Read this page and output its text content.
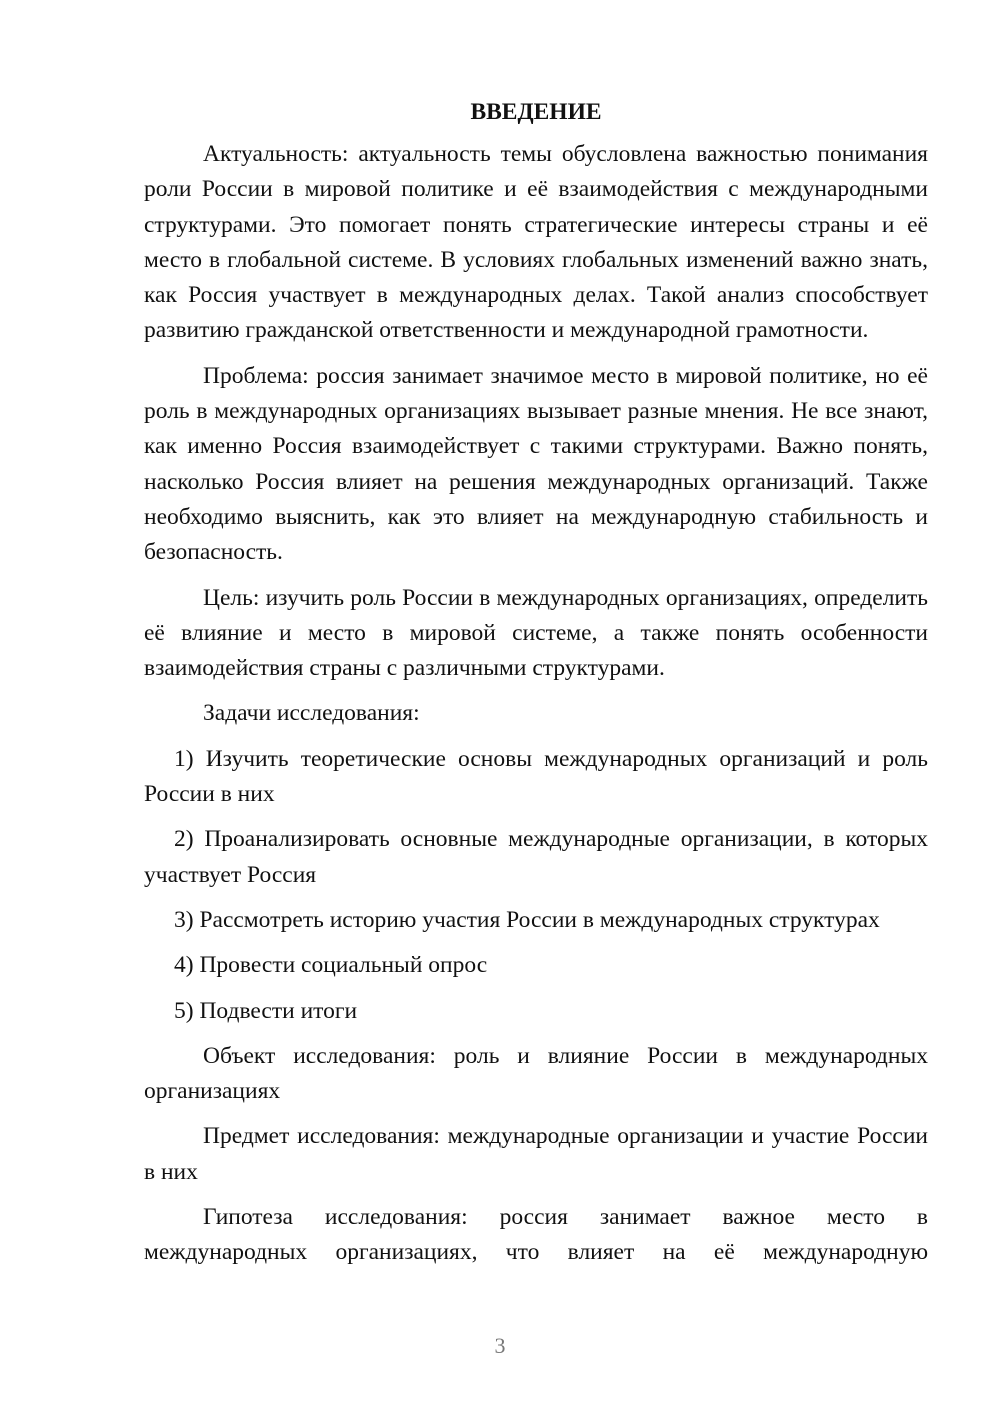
ВВЕДЕНИЕ

Актуальность: актуальность темы обусловлена важностью понимания роли России в мировой политике и её взаимодействия с международными структурами. Это помогает понять стратегические интересы страны и её место в глобальной системе. В условиях глобальных изменений важно знать, как Россия участвует в международных делах. Такой анализ способствует развитию гражданской ответственности и международной грамотности.

Проблема: россия занимает значимое место в мировой политике, но её роль в международных организациях вызывает разные мнения. Не все знают, как именно Россия взаимодействует с такими структурами. Важно понять, насколько Россия влияет на решения международных организаций. Также необходимо выяснить, как это влияет на международную стабильность и безопасность.

Цель: изучить роль России в международных организациях, определить её влияние и место в мировой системе, а также понять особенности взаимодействия страны с различными структурами.

Задачи исследования:

1) Изучить теоретические основы международных организаций и роль России в них

2) Проанализировать основные международные организации, в которых участвует Россия

3) Рассмотреть историю участия России в международных структурах

4) Провести социальный опрос

5) Подвести итоги

Объект исследования: роль и влияние России в международных организациях

Предмет исследования: международные организации и участие России в них

Гипотеза исследования: россия занимает важное место в международных организациях, что влияет на её международную

3
